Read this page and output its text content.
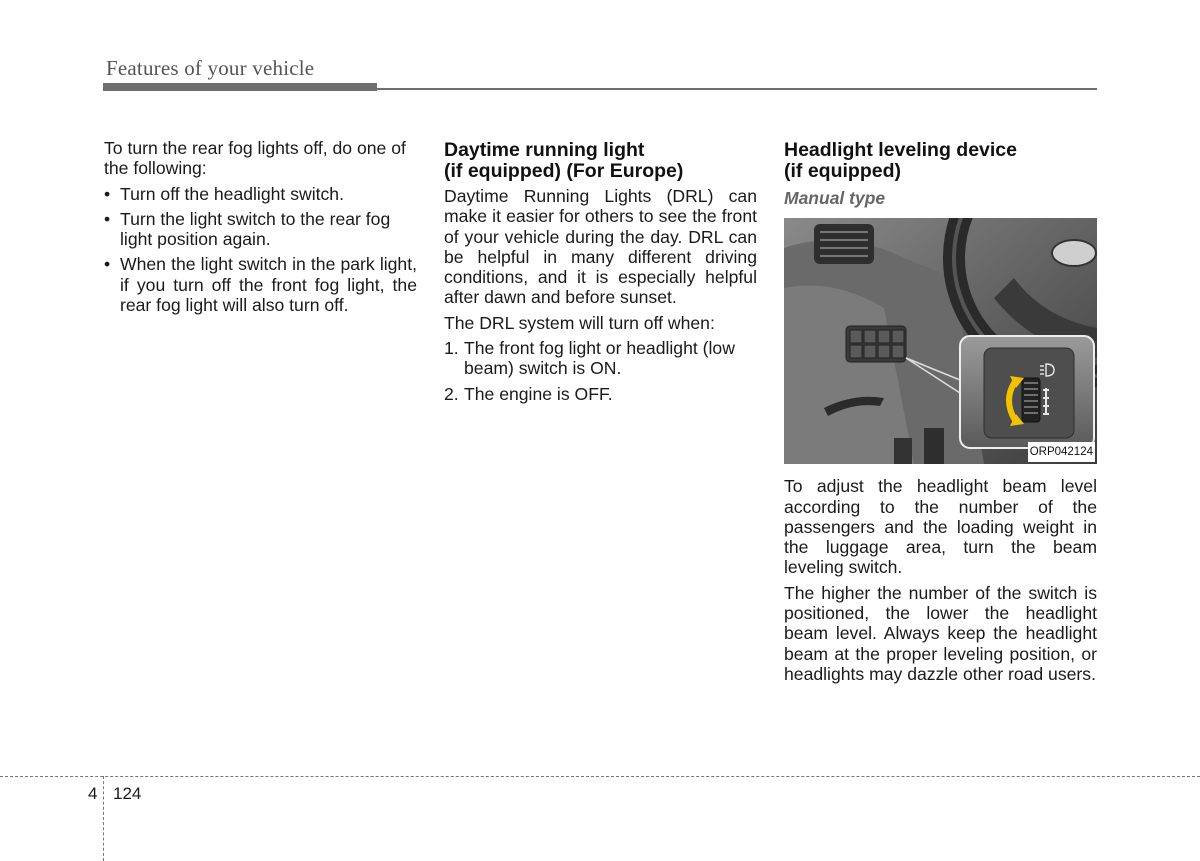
Features of your vehicle

To turn the rear fog lights off, do one of the following:

• Turn off the headlight switch.
• Turn the light switch to the rear fog light position again.
• When the light switch in the park light, if you turn off the front fog light, the rear fog light will also turn off.
Daytime running light
(if equipped) (For Europe)

Daytime Running Lights (DRL) can make it easier for others to see the front of your vehicle during the day. DRL can be helpful in many different driving conditions, and it is especially helpful after dawn and before sunset.

The DRL system will turn off when:

1. The front fog light or headlight (low beam) switch is ON.
2. The engine is OFF.
Headlight leveling device
(if equipped)
Manual type
ORP042124

To adjust the headlight beam level according to the number of the passengers and the loading weight in the luggage area, turn the beam leveling switch.

The higher the number of the switch is positioned, the lower the headlight beam level. Always keep the headlight beam at the proper leveling position, or headlights may dazzle other road users.

4 124
